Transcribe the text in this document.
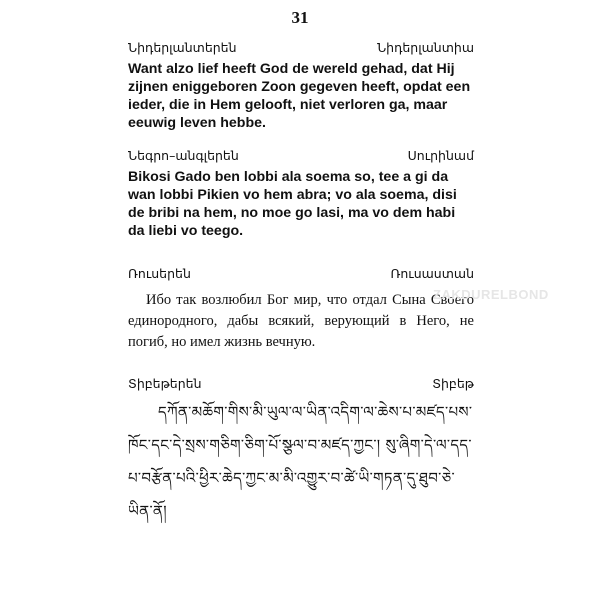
31
Նիդերլանտերեն	Նիդերլանտիա

Want alzo lief heeft God de wereld gehad, dat Hij zijnen eniggeboren Zoon gegeven heeft, opdat een ieder, die in Hem gelooft, niet verloren ga, maar eeuwig leven hebbe.

Նեգրո–անգլերեն	Սուրինամ

Bikosi Gado ben lobbi ala soema so, tee a gi da wan lobbi Pikien vo hem abra; vo ala soema, disi de bribi na hem, no moe go lasi, ma vo dem habi da liebi vo teego.

Ռուսերեն	Ռուսաստան

Ибо так возлюбил Бог мир, что отдал Сына Своего единородного, дабы всякий, верующий в Него, не погиб, но имел жизнь вечную.

Տիբեթերեն	Տիբեթ

དཀོན་མཆོག་གིས་མི་ཡུལ་ལ་ཡིན་འདིག་ལ་ཆེས་པ་མཛད་པས་ཁོང་དང་དེ་སྲས་གཅིག་ཅིག་པོ་སྩལ་བ་མཛད་ཀྱང་། སུ་ཞིག་དེ་ལ་དད་པ་བརྩོན་པའི་ཕྱིར་ཆེད་ཀྱང་མ་མི་འགྱུར་བ་ཚེ་ཡི་གཏན་དུ་ཐུབ་ཅེ་ཡིན་ནོ།

ZAKDURELBOND
